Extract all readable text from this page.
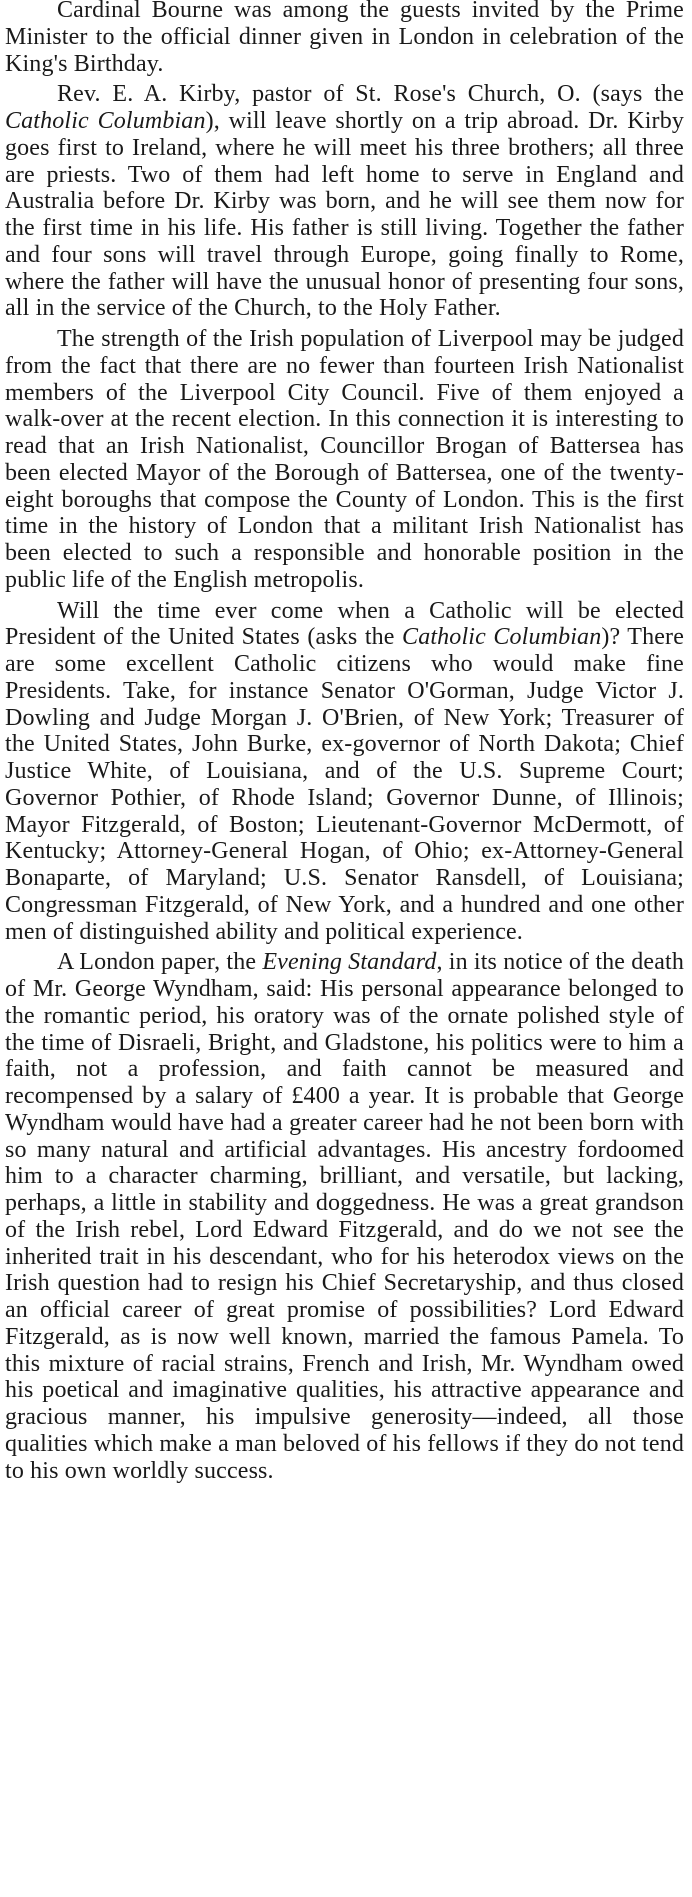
Cardinal Bourne was among the guests invited by the Prime Minister to the official dinner given in London in celebration of the King's Birthday.

Rev. E. A. Kirby, pastor of St. Rose's Church, O. (says the Catholic Columbian), will leave shortly on a trip abroad. Dr. Kirby goes first to Ireland, where he will meet his three brothers; all three are priests. Two of them had left home to serve in England and Australia before Dr. Kirby was born, and he will see them now for the first time in his life. His father is still living. Together the father and four sons will travel through Europe, going finally to Rome, where the father will have the unusual honor of presenting four sons, all in the service of the Church, to the Holy Father.

The strength of the Irish population of Liverpool may be judged from the fact that there are no fewer than fourteen Irish Nationalist members of the Liverpool City Council. Five of them enjoyed a walk-over at the recent election. In this connection it is interesting to read that an Irish Nationalist, Councillor Brogan of Battersea has been elected Mayor of the Borough of Battersea, one of the twenty-eight boroughs that compose the County of London. This is the first time in the history of London that a militant Irish Nationalist has been elected to such a responsible and honorable position in the public life of the English metropolis.

Will the time ever come when a Catholic will be elected President of the United States (asks the Catholic Columbian)? There are some excellent Catholic citizens who would make fine Presidents. Take, for instance Senator O'Gorman, Judge Victor J. Dowling and Judge Morgan J. O'Brien, of New York; Treasurer of the United States, John Burke, ex-governor of North Dakota; Chief Justice White, of Louisiana, and of the U.S. Supreme Court; Governor Pothier, of Rhode Island; Governor Dunne, of Illinois; Mayor Fitzgerald, of Boston; Lieutenant-Governor McDermott, of Kentucky; Attorney-General Hogan, of Ohio; ex-Attorney-General Bonaparte, of Maryland; U.S. Senator Ransdell, of Louisiana; Congressman Fitzgerald, of New York, and a hundred and one other men of distinguished ability and political experience.

A London paper, the Evening Standard, in its notice of the death of Mr. George Wyndham, said: His personal appearance belonged to the romantic period, his oratory was of the ornate polished style of the time of Disraeli, Bright, and Gladstone, his politics were to him a faith, not a profession, and faith cannot be measured and recompensed by a salary of £400 a year. It is probable that George Wyndham would have had a greater career had he not been born with so many natural and artificial advantages. His ancestry fordoomed him to a character charming, brilliant, and versatile, but lacking, perhaps, a little in stability and doggedness. He was a great grandson of the Irish rebel, Lord Edward Fitzgerald, and do we not see the inherited trait in his descendant, who for his heterodox views on the Irish question had to resign his Chief Secretaryship, and thus closed an official career of great promise of possibilities? Lord Edward Fitzgerald, as is now well known, married the famous Pamela. To this mixture of racial strains, French and Irish, Mr. Wyndham owed his poetical and imaginative qualities, his attractive appearance and gracious manner, his impulsive generosity—indeed, all those qualities which make a man beloved of his fellows if they do not tend to his own worldly success.
